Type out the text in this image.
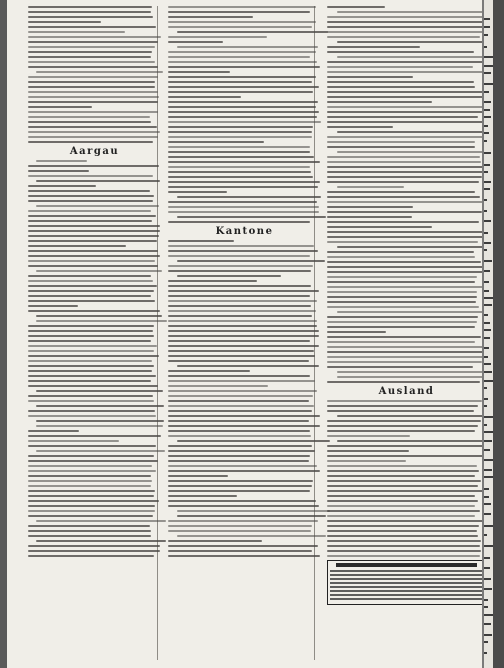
Aargau
Kantone
Ausland
